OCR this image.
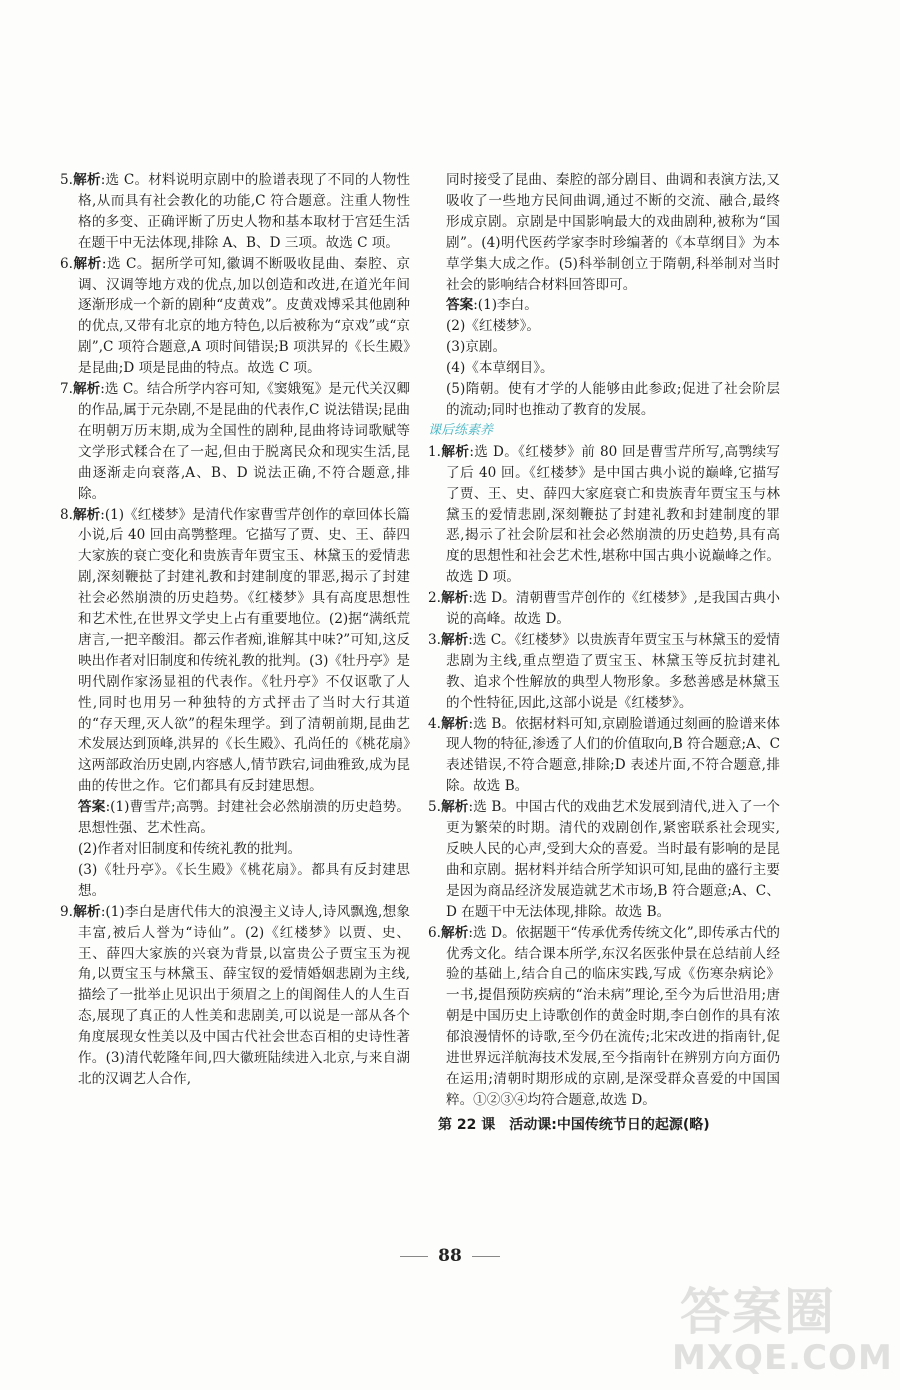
5.解析:选 C。材料说明京剧中的脸谱表现了不同的人物性格,从而具有社会教化的功能,C 符合题意。注重人物性格的多变、正确评断了历史人物和基本取材于宫廷生活在题干中无法体现,排除 A、B、D 三项。故选 C 项。

6.解析:选 C。据所学可知,徽调不断吸收昆曲、秦腔、京调、汉调等地方戏的优点,加以创造和改进,在道光年间逐渐形成一个新的剧种“皮黄戏”。皮黄戏博采其他剧种的优点,又带有北京的地方特色,以后被称为“京戏”或“京剧”,C 项符合题意,A 项时间错误;B 项洪昇的《长生殿》是昆曲;D 项是昆曲的特点。故选 C 项。

7.解析:选 C。结合所学内容可知,《窦娥冤》是元代关汉卿的作品,属于元杂剧,不是昆曲的代表作,C 说法错误;昆曲在明朝万历末期,成为全国性的剧种,昆曲将诗词歌赋等文学形式糅合在了一起,但由于脱离民众和现实生活,昆曲逐渐走向衰落,A、B、D 说法正确,不符合题意,排除。

8.解析:(1)《红楼梦》是清代作家曹雪芹创作的章回体长篇小说,后 40 回由高鹗整理。它描写了贾、史、王、薛四大家族的衰亡变化和贵族青年贾宝玉、林黛玉的爱情悲剧,深刻鞭挞了封建礼教和封建制度的罪恶,揭示了封建社会必然崩溃的历史趋势。《红楼梦》具有高度思想性和艺术性,在世界文学史上占有重要地位。(2)据“满纸荒唐言,一把辛酸泪。都云作者痴,谁解其中味?”可知,这反映出作者对旧制度和传统礼教的批判。(3)《牡丹亭》是明代剧作家汤显祖的代表作。《牡丹亭》不仅讴歌了人性,同时也用另一种独特的方式抨击了当时大行其道的“存天理,灭人欲”的程朱理学。到了清朝前期,昆曲艺术发展达到顶峰,洪昇的《长生殿》、孔尚任的《桃花扇》这两部政治历史剧,内容感人,情节跌宕,词曲雅致,成为昆曲的传世之作。它们都具有反封建思想。

答案:(1)曹雪芹;高鹗。封建社会必然崩溃的历史趋势。思想性强、艺术性高。

(2)作者对旧制度和传统礼教的批判。

(3)《牡丹亭》。《长生殿》《桃花扇》。都具有反封建思想。

9.解析:(1)李白是唐代伟大的浪漫主义诗人,诗风飘逸,想象丰富,被后人誉为“诗仙”。(2)《红楼梦》以贾、史、王、薛四大家族的兴衰为背景,以富贵公子贾宝玉为视角,以贾宝玉与林黛玉、薛宝钗的爱情婚姻悲剧为主线,描绘了一批举止见识出于须眉之上的闺阁佳人的人生百态,展现了真正的人性美和悲剧美,可以说是一部从各个角度展现女性美以及中国古代社会世态百相的史诗性著作。(3)清代乾隆年间,四大徽班陆续进入北京,与来自湖北的汉调艺人合作,

同时接受了昆曲、秦腔的部分剧目、曲调和表演方法,又吸收了一些地方民间曲调,通过不断的交流、融合,最终形成京剧。京剧是中国影响最大的戏曲剧种,被称为“国剧”。(4)明代医药学家李时珍编著的《本草纲目》为本草学集大成之作。(5)科举制创立于隋朝,科举制对当时社会的影响结合材料回答即可。

答案:(1)李白。

(2)《红楼梦》。

(3)京剧。

(4)《本草纲目》。

(5)隋朝。使有才学的人能够由此参政;促进了社会阶层的流动;同时也推动了教育的发展。

课后练素养

1.解析:选 D。《红楼梦》前 80 回是曹雪芹所写,高鹗续写了后 40 回。《红楼梦》是中国古典小说的巅峰,它描写了贾、王、史、薛四大家庭衰亡和贵族青年贾宝玉与林黛玉的爱情悲剧,深刻鞭挞了封建礼教和封建制度的罪恶,揭示了社会阶层和社会必然崩溃的历史趋势,具有高度的思想性和社会艺术性,堪称中国古典小说巅峰之作。故选 D 项。

2.解析:选 D。清朝曹雪芹创作的《红楼梦》,是我国古典小说的高峰。故选 D。

3.解析:选 C。《红楼梦》以贵族青年贾宝玉与林黛玉的爱情悲剧为主线,重点塑造了贾宝玉、林黛玉等反抗封建礼教、追求个性解放的典型人物形象。多愁善感是林黛玉的个性特征,因此,这部小说是《红楼梦》。

4.解析:选 B。依据材料可知,京剧脸谱通过刻画的脸谱来体现人物的特征,渗透了人们的价值取向,B 符合题意;A、C 表述错误,不符合题意,排除;D 表述片面,不符合题意,排除。故选 B。

5.解析:选 B。中国古代的戏曲艺术发展到清代,进入了一个更为繁荣的时期。清代的戏剧创作,紧密联系社会现实,反映人民的心声,受到大众的喜爱。当时最有影响的是昆曲和京剧。据材料并结合所学知识可知,昆曲的盛行主要是因为商品经济发展造就艺术市场,B 符合题意;A、C、D 在题干中无法体现,排除。故选 B。

6.解析:选 D。依据题干“传承优秀传统文化”,即传承古代的优秀文化。结合课本所学,东汉名医张仲景在总结前人经验的基础上,结合自己的临床实践,写成《伤寒杂病论》一书,提倡预防疾病的“治未病”理论,至今为后世沿用;唐朝是中国历史上诗歌创作的黄金时期,李白创作的具有浓郁浪漫情怀的诗歌,至今仍在流传;北宋改进的指南针,促进世界远洋航海技术发展,至今指南针在辨别方向方面仍在运用;清朝时期形成的京剧,是深受群众喜爱的中国国粹。①②③④均符合题意,故选 D。

第 22 课　活动课:中国传统节日的起源(略)

88
答案圈
MXQE.COM
